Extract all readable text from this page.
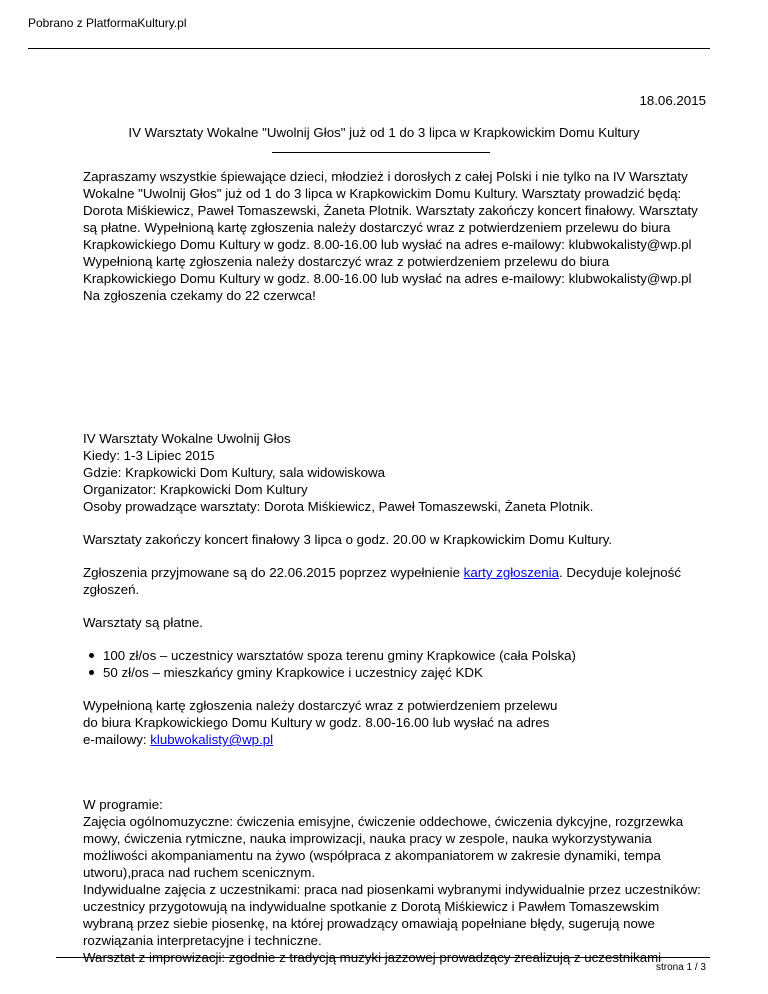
Pobrano z PlatformaKultury.pl

18.06.2015

IV Warsztaty Wokalne "Uwolnij Głos" już od 1 do 3 lipca w Krapkowickim Domu Kultury

Zapraszamy wszystkie śpiewające dzieci, młodzież i dorosłych z całej Polski i nie tylko na IV Warsztaty Wokalne "Uwolnij Głos" już od 1 do 3 lipca w Krapkowickim Domu Kultury. Warsztaty prowadzić będą: Dorota Miśkiewicz, Paweł Tomaszewski, Żaneta Plotnik. Warsztaty zakończy koncert finałowy. Warsztaty są płatne. Wypełnioną kartę zgłoszenia należy dostarczyć wraz z potwierdzeniem przelewu do biura Krapkowickiego Domu Kultury w godz. 8.00-16.00 lub wysłać na adres e-mailowy: klubwokalisty@wp.pl Wypełnioną kartę zgłoszenia należy dostarczyć wraz z potwierdzeniem przelewu do biura Krapkowickiego Domu Kultury w godz. 8.00-16.00 lub wysłać na adres e-mailowy: klubwokalisty@wp.pl Na zgłoszenia czekamy do 22 czerwca!

IV Warsztaty Wokalne Uwolnij Głos

Kiedy: 1-3 Lipiec 2015

Gdzie: Krapkowicki Dom Kultury, sala widowiskowa

Organizator: Krapkowicki Dom Kultury

Osoby prowadzące warsztaty: Dorota Miśkiewicz, Paweł Tomaszewski, Żaneta Plotnik.

Warsztaty zakończy koncert finałowy 3 lipca o godz. 20.00 w Krapkowickim Domu Kultury.

Zgłoszenia przyjmowane są do 22.06.2015 poprzez wypełnienie karty zgłoszenia. Decyduje kolejność zgłoszeń.

Warsztaty są płatne.

100 zł/os – uczestnicy warsztatów spoza terenu gminy Krapkowice (cała Polska)
50 zł/os – mieszkańcy gminy Krapkowice i uczestnicy zajęć KDK

Wypełnioną kartę zgłoszenia należy dostarczyć wraz z potwierdzeniem przelewu
do biura Krapkowickiego Domu Kultury w godz. 8.00-16.00 lub wysłać na adres
e-mailowy: klubwokalisty@wp.pl

W programie:

Zajęcia ogólnomuzyczne: ćwiczenia emisyjne, ćwiczenie oddechowe, ćwiczenia dykcyjne, rozgrzewka mowy, ćwiczenia rytmiczne, nauka improwizacji, nauka pracy w zespole, nauka wykorzystywania możliwości akompaniamentu na żywo (współpraca z akompaniatorem w zakresie dynamiki, tempa utworu),praca nad ruchem scenicznym.

Indywidualne zajęcia z uczestnikami: praca nad piosenkami wybranymi indywidualnie przez uczestników: uczestnicy przygotowują na indywidualne spotkanie z Dorotą Miśkiewicz i Pawłem Tomaszewskim wybraną przez siebie piosenkę, na której prowadzący omawiają popełniane błędy, sugerują nowe rozwiązania interpretacyjne i techniczne.

Warsztat z improwizacji: zgodnie z tradycją muzyki jazzowej prowadzący zrealizują z uczestnikami

strona 1 / 3
